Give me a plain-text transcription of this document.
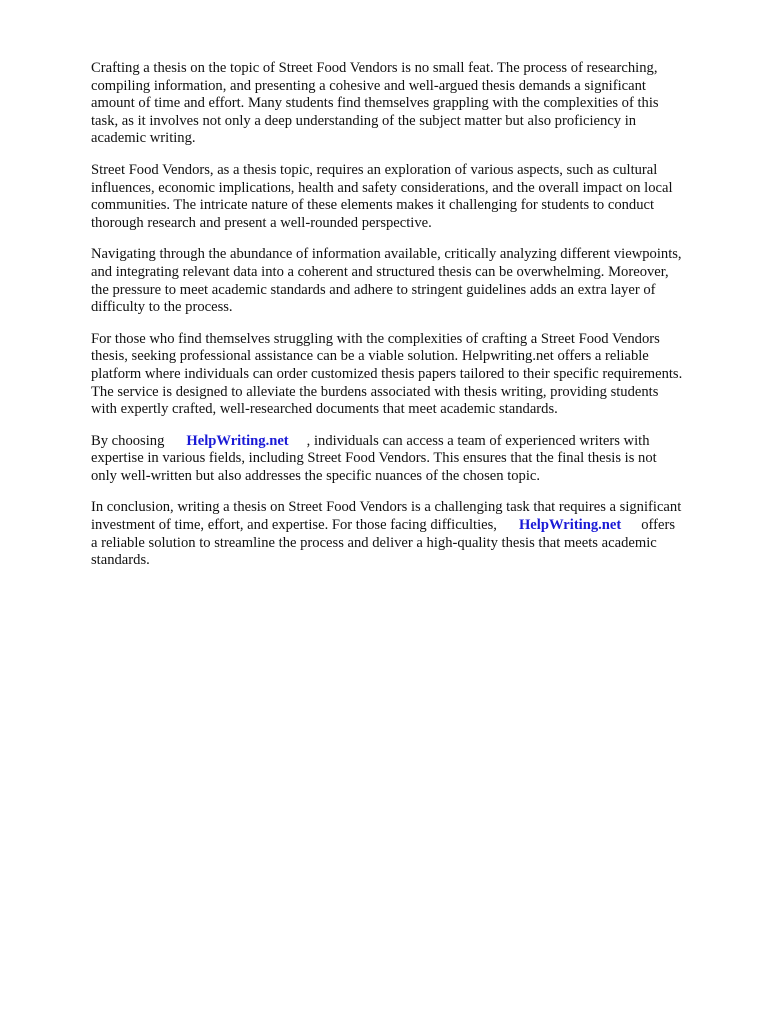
Crafting a thesis on the topic of Street Food Vendors is no small feat. The process of researching,
compiling information, and presenting a cohesive and well-argued thesis demands a significant
amount of time and effort. Many students find themselves grappling with the complexities of this
task, as it involves not only a deep understanding of the subject matter but also proficiency in
academic writing.

Street Food Vendors, as a thesis topic, requires an exploration of various aspects, such as cultural
influences, economic implications, health and safety considerations, and the overall impact on local
communities. The intricate nature of these elements makes it challenging for students to conduct
thorough research and present a well-rounded perspective.

Navigating through the abundance of information available, critically analyzing different viewpoints,
and integrating relevant data into a coherent and structured thesis can be overwhelming. Moreover,
the pressure to meet academic standards and adhere to stringent guidelines adds an extra layer of
difficulty to the process.

For those who find themselves struggling with the complexities of crafting a Street Food Vendors
thesis, seeking professional assistance can be a viable solution. Helpwriting.net offers a reliable
platform where individuals can order customized thesis papers tailored to their specific requirements.
The service is designed to alleviate the burdens associated with thesis writing, providing students
with expertly crafted, well-researched documents that meet academic standards.

By choosing HelpWriting.net , individuals can access a team of experienced writers with
expertise in various fields, including Street Food Vendors. This ensures that the final thesis is not
only well-written but also addresses the specific nuances of the chosen topic.

In conclusion, writing a thesis on Street Food Vendors is a challenging task that requires a significant
investment of time, effort, and expertise. For those facing difficulties, HelpWriting.net offers
a reliable solution to streamline the process and deliver a high-quality thesis that meets academic
standards.
